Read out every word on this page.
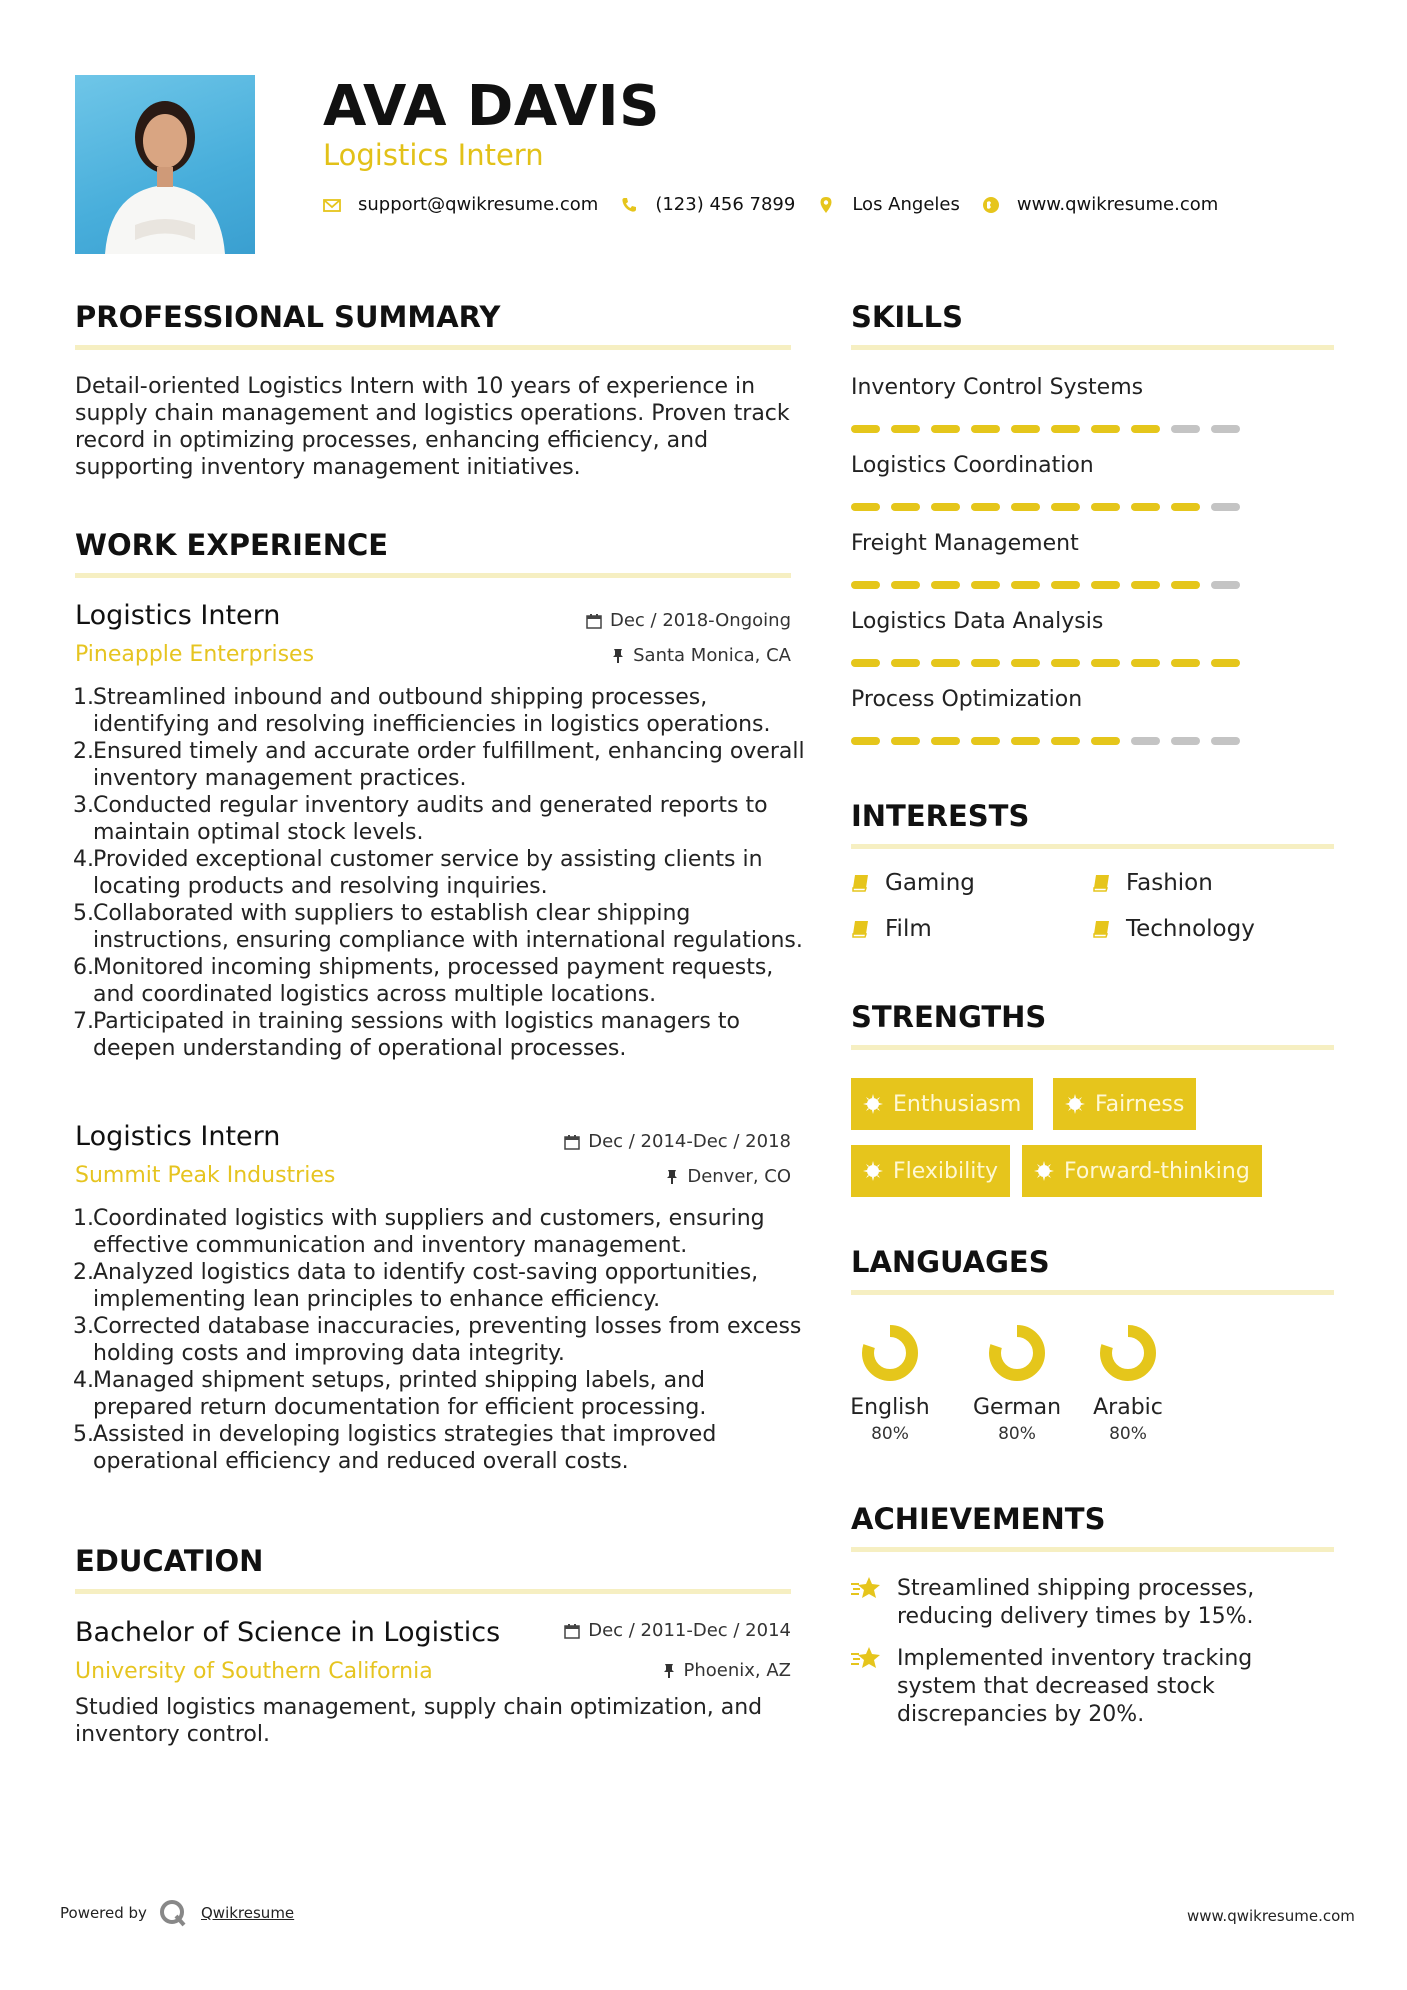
AVA DAVIS
Logistics Intern
support@qwikresume.com	(123) 456 7899	Los Angeles	www.qwikresume.com
PROFESSIONAL SUMMARY
Detail-oriented Logistics Intern with 10 years of experience in supply chain management and logistics operations. Proven track record in optimizing processes, enhancing efficiency, and supporting inventory management initiatives.
WORK EXPERIENCE
Logistics Intern	Dec / 2018-Ongoing
Pineapple Enterprises	Santa Monica, CA
Streamlined inbound and outbound shipping processes, identifying and resolving inefficiencies in logistics operations.
Ensured timely and accurate order fulfillment, enhancing overall inventory management practices.
Conducted regular inventory audits and generated reports to maintain optimal stock levels.
Provided exceptional customer service by assisting clients in locating products and resolving inquiries.
Collaborated with suppliers to establish clear shipping instructions, ensuring compliance with international regulations.
Monitored incoming shipments, processed payment requests, and coordinated logistics across multiple locations.
Participated in training sessions with logistics managers to deepen understanding of operational processes.
Logistics Intern	Dec / 2014-Dec / 2018
Summit Peak Industries	Denver, CO
Coordinated logistics with suppliers and customers, ensuring effective communication and inventory management.
Analyzed logistics data to identify cost-saving opportunities, implementing lean principles to enhance efficiency.
Corrected database inaccuracies, preventing losses from excess holding costs and improving data integrity.
Managed shipment setups, printed shipping labels, and prepared return documentation for efficient processing.
Assisted in developing logistics strategies that improved operational efficiency and reduced overall costs.
EDUCATION
Bachelor of Science in Logistics	Dec / 2011-Dec / 2014
University of Southern California	Phoenix, AZ
Studied logistics management, supply chain optimization, and inventory control.
SKILLS
Inventory Control Systems
Logistics Coordination
Freight Management
Logistics Data Analysis
Process Optimization
INTERESTS
Gaming	Fashion
Film	Technology
STRENGTHS
Enthusiasm	Fairness
Flexibility	Forward-thinking
LANGUAGES
English
80%
German
80%
Arabic
80%
ACHIEVEMENTS
Streamlined shipping processes, reducing delivery times by 15%.
Implemented inventory tracking system that decreased stock discrepancies by 20%.
Powered by	Qwikresume	www.qwikresume.com
